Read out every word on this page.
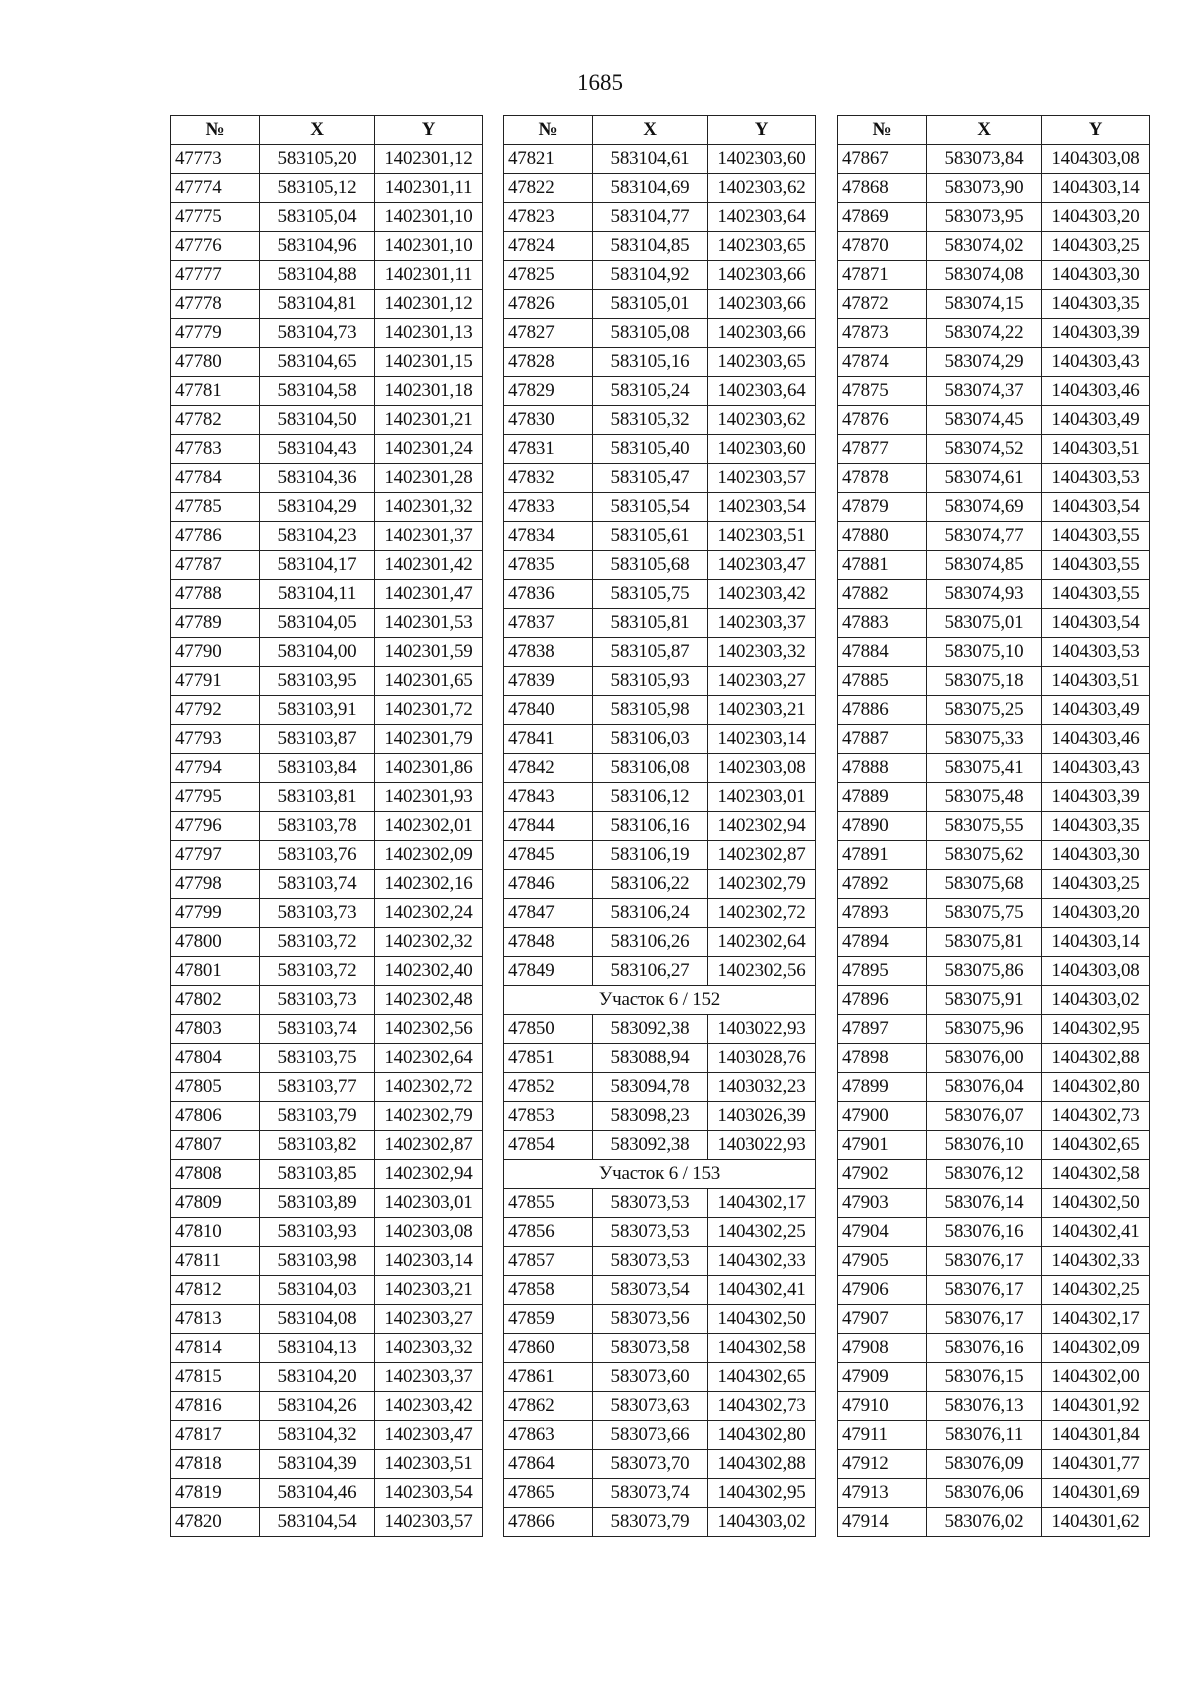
1685
№	X	Y
47773	583105,20	1402301,12
47774	583105,12	1402301,11
47775	583105,04	1402301,10
47776	583104,96	1402301,10
47777	583104,88	1402301,11
47778	583104,81	1402301,12
47779	583104,73	1402301,13
47780	583104,65	1402301,15
47781	583104,58	1402301,18
47782	583104,50	1402301,21
47783	583104,43	1402301,24
47784	583104,36	1402301,28
47785	583104,29	1402301,32
47786	583104,23	1402301,37
47787	583104,17	1402301,42
47788	583104,11	1402301,47
47789	583104,05	1402301,53
47790	583104,00	1402301,59
47791	583103,95	1402301,65
47792	583103,91	1402301,72
47793	583103,87	1402301,79
47794	583103,84	1402301,86
47795	583103,81	1402301,93
47796	583103,78	1402302,01
47797	583103,76	1402302,09
47798	583103,74	1402302,16
47799	583103,73	1402302,24
47800	583103,72	1402302,32
47801	583103,72	1402302,40
47802	583103,73	1402302,48
47803	583103,74	1402302,56
47804	583103,75	1402302,64
47805	583103,77	1402302,72
47806	583103,79	1402302,79
47807	583103,82	1402302,87
47808	583103,85	1402302,94
47809	583103,89	1402303,01
47810	583103,93	1402303,08
47811	583103,98	1402303,14
47812	583104,03	1402303,21
47813	583104,08	1402303,27
47814	583104,13	1402303,32
47815	583104,20	1402303,37
47816	583104,26	1402303,42
47817	583104,32	1402303,47
47818	583104,39	1402303,51
47819	583104,46	1402303,54
47820	583104,54	1402303,57
№	X	Y
47821	583104,61	1402303,60
47822	583104,69	1402303,62
47823	583104,77	1402303,64
47824	583104,85	1402303,65
47825	583104,92	1402303,66
47826	583105,01	1402303,66
47827	583105,08	1402303,66
47828	583105,16	1402303,65
47829	583105,24	1402303,64
47830	583105,32	1402303,62
47831	583105,40	1402303,60
47832	583105,47	1402303,57
47833	583105,54	1402303,54
47834	583105,61	1402303,51
47835	583105,68	1402303,47
47836	583105,75	1402303,42
47837	583105,81	1402303,37
47838	583105,87	1402303,32
47839	583105,93	1402303,27
47840	583105,98	1402303,21
47841	583106,03	1402303,14
47842	583106,08	1402303,08
47843	583106,12	1402303,01
47844	583106,16	1402302,94
47845	583106,19	1402302,87
47846	583106,22	1402302,79
47847	583106,24	1402302,72
47848	583106,26	1402302,64
47849	583106,27	1402302,56
Участок 6 / 152		
47850	583092,38	1403022,93
47851	583088,94	1403028,76
47852	583094,78	1403032,23
47853	583098,23	1403026,39
47854	583092,38	1403022,93
Участок 6 / 153		
47855	583073,53	1404302,17
47856	583073,53	1404302,25
47857	583073,53	1404302,33
47858	583073,54	1404302,41
47859	583073,56	1404302,50
47860	583073,58	1404302,58
47861	583073,60	1404302,65
47862	583073,63	1404302,73
47863	583073,66	1404302,80
47864	583073,70	1404302,88
47865	583073,74	1404302,95
47866	583073,79	1404303,02
№	X	Y
47867	583073,84	1404303,08
47868	583073,90	1404303,14
47869	583073,95	1404303,20
47870	583074,02	1404303,25
47871	583074,08	1404303,30
47872	583074,15	1404303,35
47873	583074,22	1404303,39
47874	583074,29	1404303,43
47875	583074,37	1404303,46
47876	583074,45	1404303,49
47877	583074,52	1404303,51
47878	583074,61	1404303,53
47879	583074,69	1404303,54
47880	583074,77	1404303,55
47881	583074,85	1404303,55
47882	583074,93	1404303,55
47883	583075,01	1404303,54
47884	583075,10	1404303,53
47885	583075,18	1404303,51
47886	583075,25	1404303,49
47887	583075,33	1404303,46
47888	583075,41	1404303,43
47889	583075,48	1404303,39
47890	583075,55	1404303,35
47891	583075,62	1404303,30
47892	583075,68	1404303,25
47893	583075,75	1404303,20
47894	583075,81	1404303,14
47895	583075,86	1404303,08
47896	583075,91	1404303,02
47897	583075,96	1404302,95
47898	583076,00	1404302,88
47899	583076,04	1404302,80
47900	583076,07	1404302,73
47901	583076,10	1404302,65
47902	583076,12	1404302,58
47903	583076,14	1404302,50
47904	583076,16	1404302,41
47905	583076,17	1404302,33
47906	583076,17	1404302,25
47907	583076,17	1404302,17
47908	583076,16	1404302,09
47909	583076,15	1404302,00
47910	583076,13	1404301,92
47911	583076,11	1404301,84
47912	583076,09	1404301,77
47913	583076,06	1404301,69
47914	583076,02	1404301,62
